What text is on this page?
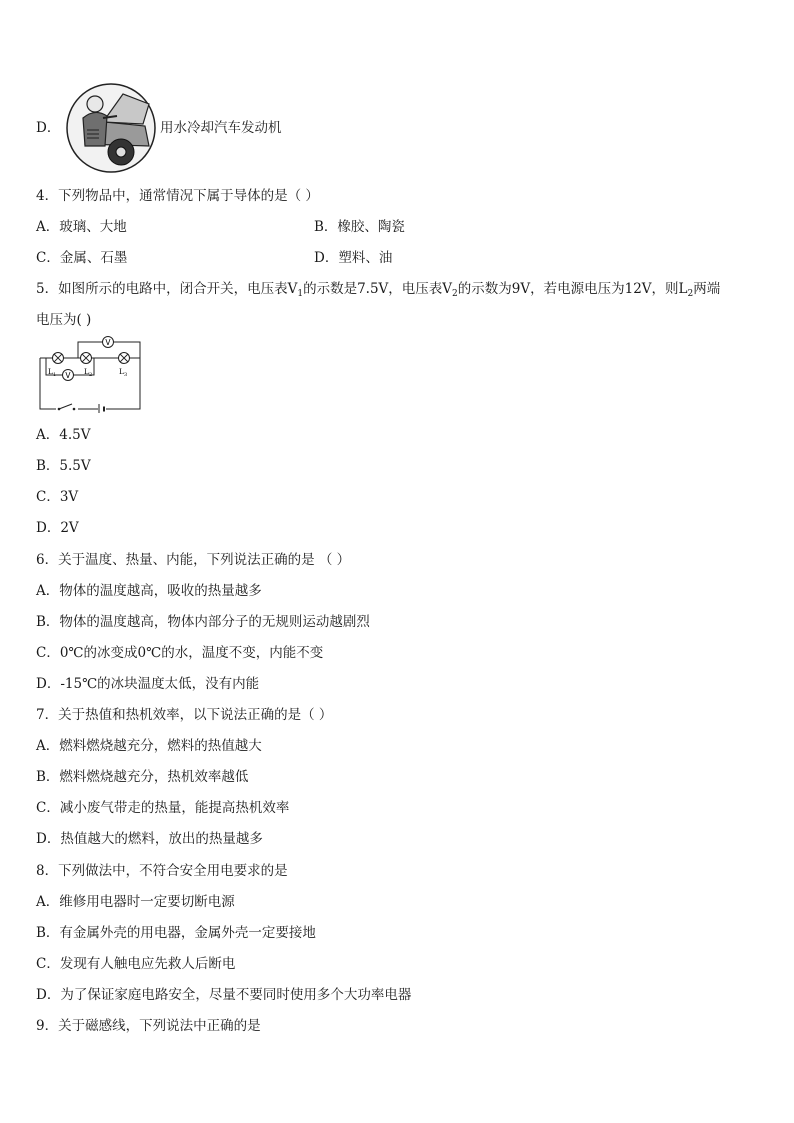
D．	用水冷却汽车发动机
4．下列物品中，通常情况下属于导体的是（ ）
A．玻璃、大地	B．橡胶、陶瓷
C．金属、石墨	D．塑料、油
5．如图所示的电路中，闭合开关，电压表$V_1$的示数是7.5V，电压表$V_2$的示数为9V，若电源电压为12V，则$L_2$两端
电压为( )
V
V
$L_1$	$L_2$	$L_3$
A．4.5V
B．5.5V
C．3V
D．2V
6．关于温度、热量、内能，下列说法正确的是 （ ）
A．物体的温度越高，吸收的热量越多
B．物体的温度越高，物体内部分子的无规则运动越剧烈
C．0℃的冰变成0℃的水，温度不变，内能不变
D．-15℃的冰块温度太低，没有内能
7．关于热值和热机效率，以下说法正确的是（ ）
A．燃料燃烧越充分，燃料的热值越大
B．燃料燃烧越充分，热机效率越低
C．减小废气带走的热量，能提高热机效率
D．热值越大的燃料，放出的热量越多
8．下列做法中，不符合安全用电要求的是
A．维修用电器时一定要切断电源
B．有金属外壳的用电器，金属外壳一定要接地
C．发现有人触电应先救人后断电
D．为了保证家庭电路安全，尽量不要同时使用多个大功率电器
9．关于磁感线，下列说法中正确的是
